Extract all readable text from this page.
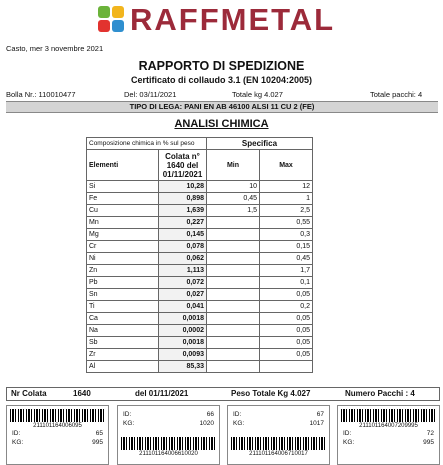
RAFFMETAL
Casto, mer 3 novembre 2021
RAPPORTO DI SPEDIZIONE
Certificato di collaudo 3.1 (EN 10204:2005)
Bolla Nr.: 110010477	Del: 03/11/2021	Totale kg 4.027	Totale pacchi: 4
TIPO DI LEGA: PANI EN AB 46100 ALSI 11 CU 2 (FE)
ANALISI CHIMICA
Composizione chimica in % sul peso		Specifica	
Elementi	Colata n° 1640 del 01/11/2021	Min	Max
Si	10,28	10	12
Fe	0,898	0,45	1
Cu	1,639	1,5	2,5
Mn	0,227		0,55
Mg	0,145		0,3
Cr	0,078		0,15
Ni	0,062		0,45
Zn	1,113		1,7
Pb	0,072		0,1
Sn	0,027		0,05
Ti	0,041		0,2
Ca	0,0018		0,05
Na	0,0002		0,05
Sb	0,0018		0,05
Zr	0,0093		0,05
Al	85,33		
Nr Colata	1640	del 01/11/2021	Peso Totale Kg 4.027	Numero Pacchi : 4
211101164006095
ID:	65
KG:	995
211101164006610020
ID:	66
KG:	1020
211101164006710017
ID:	67
KG:	1017	211101164007209995
ID:	72
KG:	995
